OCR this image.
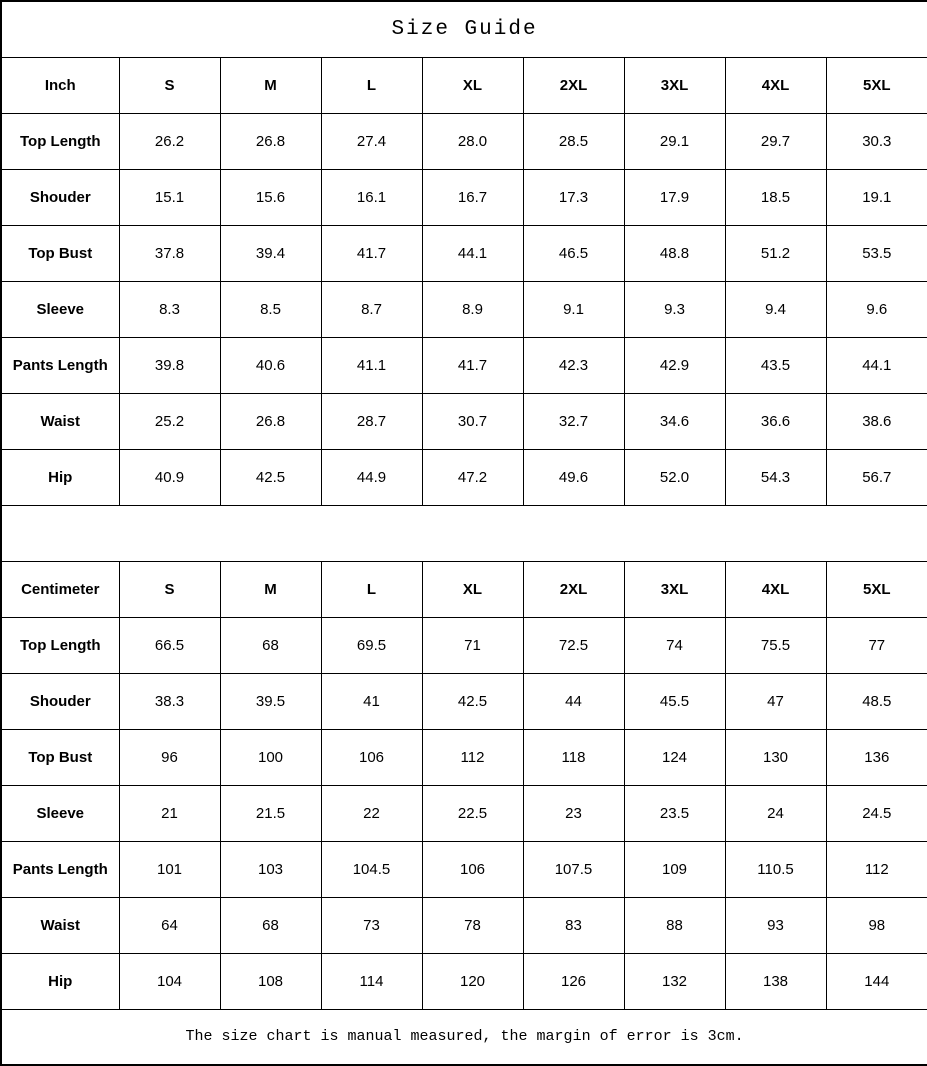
Size Guide								
Inch	S	M	L	XL	2XL	3XL	4XL	5XL
Top Length	26.2	26.8	27.4	28.0	28.5	29.1	29.7	30.3
Shouder	15.1	15.6	16.1	16.7	17.3	17.9	18.5	19.1
Top Bust	37.8	39.4	41.7	44.1	46.5	48.8	51.2	53.5
Sleeve	8.3	8.5	8.7	8.9	9.1	9.3	9.4	9.6
Pants Length	39.8	40.6	41.1	41.7	42.3	42.9	43.5	44.1
Waist	25.2	26.8	28.7	30.7	32.7	34.6	36.6	38.6
Hip	40.9	42.5	44.9	47.2	49.6	52.0	54.3	56.7

Centimeter	S	M	L	XL	2XL	3XL	4XL	5XL
Top Length	66.5	68	69.5	71	72.5	74	75.5	77
Shouder	38.3	39.5	41	42.5	44	45.5	47	48.5
Top Bust	96	100	106	112	118	124	130	136
Sleeve	21	21.5	22	22.5	23	23.5	24	24.5
Pants Length	101	103	104.5	106	107.5	109	110.5	112
Waist	64	68	73	78	83	88	93	98
Hip	104	108	114	120	126	132	138	144
The size chart is manual measured, the margin of error is 3cm.								
